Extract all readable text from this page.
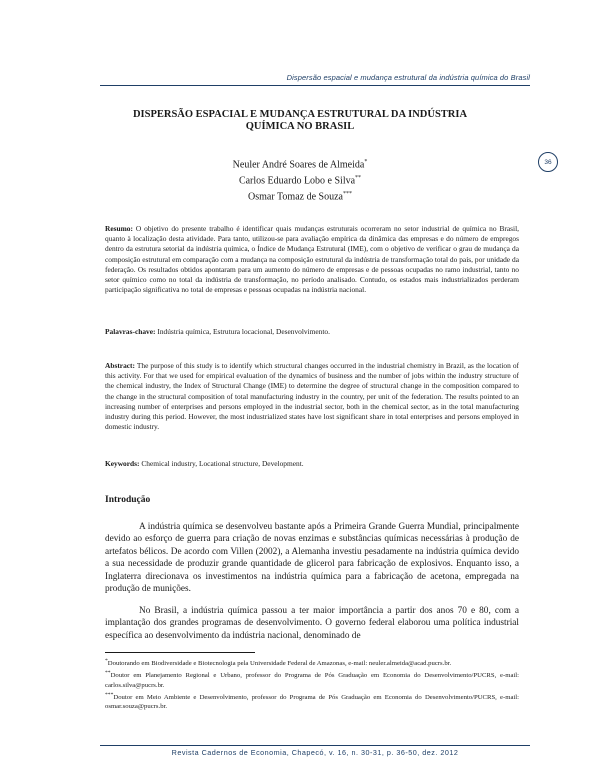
Dispersão espacial e mudança estrutural da indústria química do Brasil
DISPERSÃO ESPACIAL E MUDANÇA ESTRUTURAL DA INDÚSTRIA QUÍMICA NO BRASIL
36
Neuler André Soares de Almeida*
Carlos Eduardo Lobo e Silva**
Osmar Tomaz de Souza***
Resumo: O objetivo do presente trabalho é identificar quais mudanças estruturais ocorreram no setor industrial de química no Brasil, quanto à localização desta atividade. Para tanto, utilizou-se para avaliação empírica da dinâmica das empresas e do número de empregos dentro da estrutura setorial da indústria química, o Índice de Mudança Estrutural (IME), com o objetivo de verificar o grau de mudança da composição estrutural em comparação com a mudança na composição estrutural da indústria de transformação total do país, por unidade da federação. Os resultados obtidos apontaram para um aumento do número de empresas e de pessoas ocupadas no ramo industrial, tanto no setor químico como no total da indústria de transformação, no período analisado. Contudo, os estados mais industrializados perderam participação significativa no total de empresas e pessoas ocupadas na indústria nacional.
Palavras-chave: Indústria química, Estrutura locacional, Desenvolvimento.
Abstract: The purpose of this study is to identify which structural changes occurred in the industrial chemistry in Brazil, as the location of this activity. For that we used for empirical evaluation of the dynamics of business and the number of jobs within the industry structure of the chemical industry, the Index of Structural Change (IME) to determine the degree of structural change in the composition compared to the change in the structural composition of total manufacturing industry in the country, per unit of the federation. The results pointed to an increasing number of enterprises and persons employed in the industrial sector, both in the chemical sector, as in the total manufacturing industry during this period. However, the most industrialized states have lost significant share in total enterprises and persons employed in domestic industry.
Keywords: Chemical industry, Locational structure, Development.
Introdução
A indústria química se desenvolveu bastante após a Primeira Grande Guerra Mundial, principalmente devido ao esforço de guerra para criação de novas enzimas e substâncias químicas necessárias à produção de artefatos bélicos. De acordo com Villen (2002), a Alemanha investiu pesadamente na indústria química devido a sua necessidade de produzir grande quantidade de glicerol para fabricação de explosivos. Enquanto isso, a Inglaterra direcionava os investimentos na indústria química para a fabricação de acetona, empregada na produção de munições.
No Brasil, a indústria química passou a ter maior importância a partir dos anos 70 e 80, com a implantação dos grandes programas de desenvolvimento. O governo federal elaborou uma política industrial específica ao desenvolvimento da indústria nacional, denominado de

*Doutorando em Biodiversidade e Biotecnologia pela Universidade Federal de Amazonas, e-mail: neuler.almeida@acad.pucrs.br.

**Doutor em Planejamento Regional e Urbano, professor do Programa de Pós Graduação em Economia do Desenvolvimento/PUCRS, e-mail: carlos.silva@pucrs.br.

***Doutor em Meio Ambiente e Desenvolvimento, professor do Programa de Pós Graduação em Economia do Desenvolvimento/PUCRS, e-mail: osmar.souza@pucrs.br.

Revista Cadernos de Economia, Chapecó, v. 16, n. 30-31, p. 36-50, dez. 2012
